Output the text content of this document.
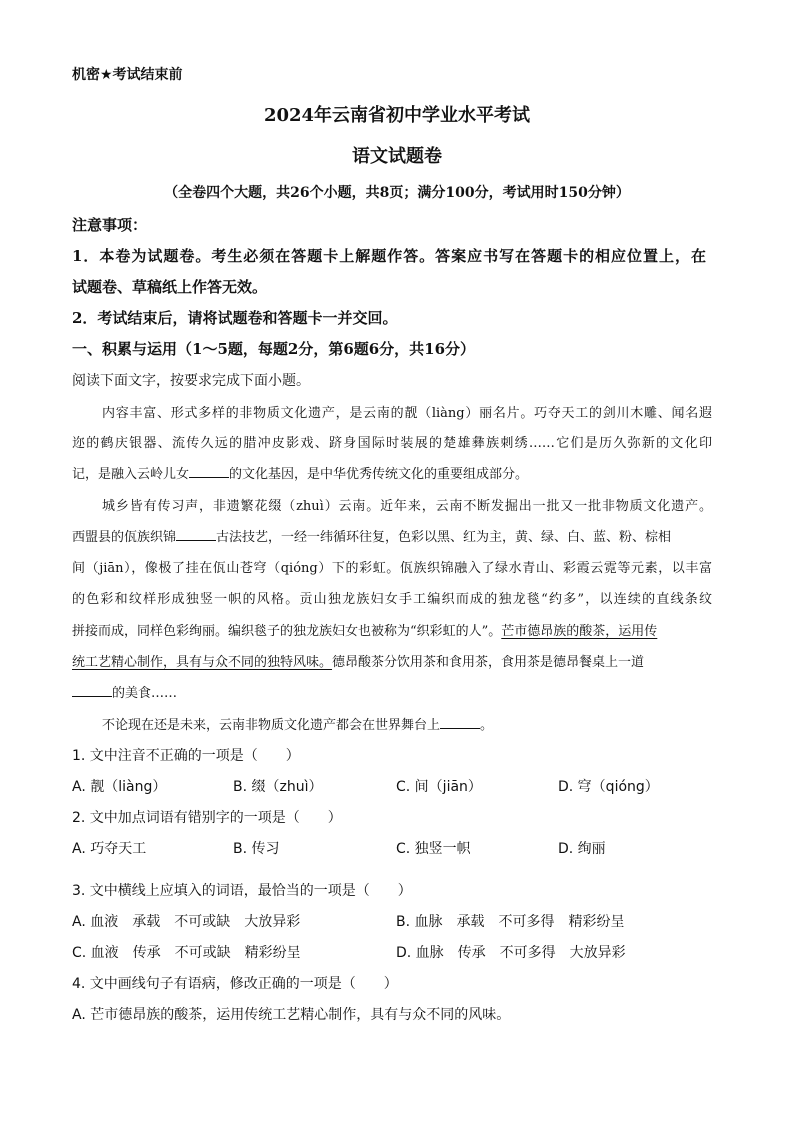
机密★考试结束前
2024年云南省初中学业水平考试
语文试题卷
（全卷四个大题，共26个小题，共8页；满分100分，考试用时150分钟）
注意事项：
1．本卷为试题卷。考生必须在答题卡上解题作答。答案应书写在答题卡的相应位置上，在
试题卷、草稿纸上作答无效。
2．考试结束后，请将试题卷和答题卡一并交回。
一、积累与运用（1～5题，每题2分，第6题6分，共16分）
阅读下面文字，按要求完成下面小题。
内容丰富、形式多样的非物质文化遗产，是云南的靓（liàng）丽名片。巧夺天工的剑川木雕、闻名遐
迩的鹤庆银器、流传久远的腊冲皮影戏、跻身国际时装展的楚雄彝族刺绣……它们是历久弥新的文化印
记，是融入云岭儿女	的文化基因，是中华优秀传统文化的重要组成部分。
城乡皆有传习声，非遗繁花缀（zhuì）云南。近年来，云南不断发掘出一批又一批非物质文化遗产。
西盟县的佤族织锦	古法技艺，一经一纬循环往复，色彩以黑、红为主，黄、绿、白、蓝、粉、棕相
间（jiān），像极了挂在佤山苍穹（qióng）下的彩虹。佤族织锦融入了绿水青山、彩霞云霓等元素，以丰富
的色彩和纹样形成独竖一帜的风格。贡山独龙族妇女手工编织而成的独龙毯“约多”，以连续的直线条纹
拼接而成，同样色彩绚丽。编织毯子的独龙族妇女也被称为“织彩虹的人”。芒市德昂族的酸茶，运用传
统工艺精心制作，具有与众不同的独特风味。德昂酸茶分饮用茶和食用茶，食用茶是德昂餐桌上一道
的美食……
不论现在还是未来，云南非物质文化遗产都会在世界舞台上	。
1. 文中注音不正确的一项是（　　）
A. 靓（liàng）	B. 缀（zhuì）	C. 间（jiān）	D. 穹（qióng）
2. 文中加点词语有错别字的一项是（　　）
A. 巧夺天工	B. 传习	C. 独竖一帜	D. 绚丽
3. 文中横线上应填入的词语，最恰当的一项是（　　）
A. 血液　承载　不可或缺　大放异彩	B. 血脉　承载　不可多得　精彩纷呈
C. 血液　传承　不可或缺　精彩纷呈	D. 血脉　传承　不可多得　大放异彩
4. 文中画线句子有语病，修改正确的一项是（　　）
A. 芒市德昂族的酸茶，运用传统工艺精心制作，具有与众不同的风味。
